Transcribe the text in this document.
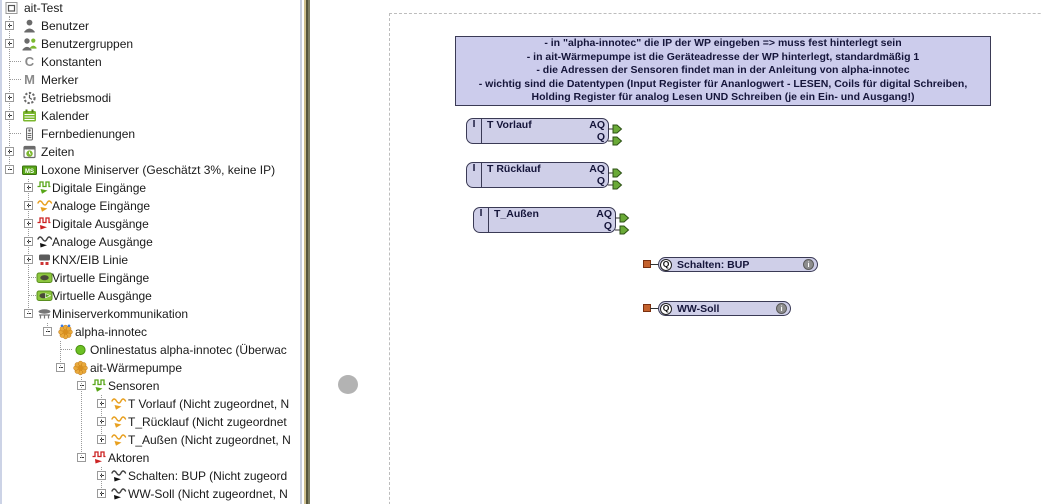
ait-Test
Benutzer
Benutzergruppen
C Konstanten
M Merker
Betriebsmodi
Kalender
Fernbedienungen
Zeiten
MS Loxone Miniserver (Geschätzt 3%, keine IP)
Digitale Eingänge
Analoge Eingänge
Digitale Ausgänge
Analoge Ausgänge
KNX/EIB Linie
Virtuelle Eingänge
Virtuelle Ausgänge
Miniserverkommunikation
alpha-innotec
Onlinestatus alpha-innotec (Überwac
ait-Wärmepumpe
Sensoren
T Vorlauf (Nicht zugeordnet, N
T_Rücklauf (Nicht zugeordnet
T_Außen (Nicht zugeordnet, N
Aktoren
Schalten: BUP (Nicht zugeord
WW-Soll (Nicht zugeordnet, N
- in "alpha-innotec" die IP der WP eingeben => muss fest hinterlegt sein
- in ait-Wärmepumpe ist die Geräteadresse der WP hinterlegt, standardmäßig 1
- die Adressen der Sensoren findet man in der Anleitung von alpha-innotec
- wichtig sind die Datentypen (Input Register für Ananlogwert - LESEN, Coils für digital Schreiben,
Holding Register für analog Lesen UND Schreiben (je ein Ein- und Ausgang!)
I	T Vorlauf	AQ
Q
I	T Rücklauf	AQ
Q
I	T_Außen	AQ
Q
Q Schalten: BUP	i
Q WW-Soll	i
